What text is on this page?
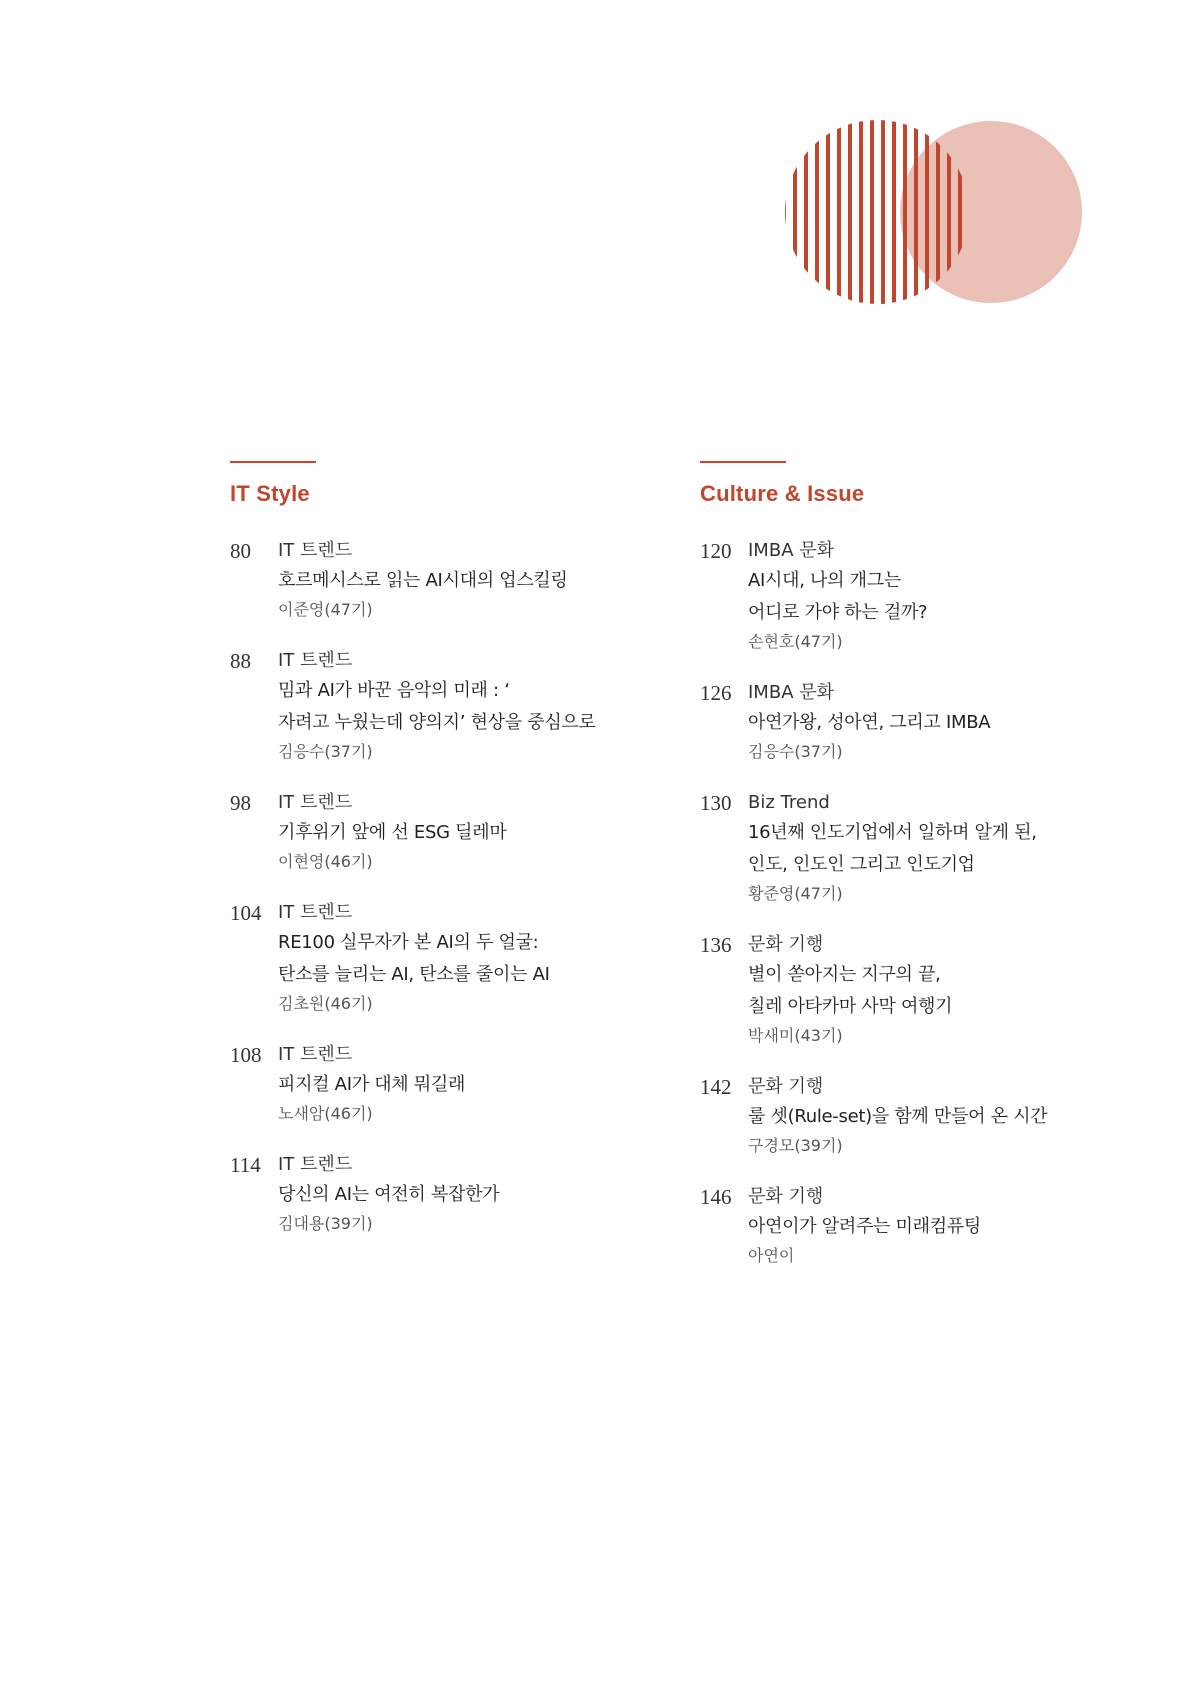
IT Style
80	IT 트렌드
호르메시스로 읽는 AI시대의 업스킬링
이준영(47기)
88	IT 트렌드
밈과 AI가 바꾼 음악의 미래 : ‘
자려고 누웠는데 양의지’ 현상을 중심으로
김응수(37기)
98	IT 트렌드
기후위기 앞에 선 ESG 딜레마
이현영(46기)
104 IT 트렌드
RE100 실무자가 본 AI의 두 얼굴:
탄소를 늘리는 AI, 탄소를 줄이는 AI
김초원(46기)
108 IT 트렌드
피지컬 AI가 대체 뭐길래
노새암(46기)
114 IT 트렌드
당신의 AI는 여전히 복잡한가
김대용(39기)
Culture & Issue
120 IMBA 문화
AI시대, 나의 개그는
어디로 가야 하는 걸까?
손현호(47기)
126 IMBA 문화
아연가왕, 성아연, 그리고 IMBA
김응수(37기)
130 Biz Trend
16년째 인도기업에서 일하며 알게 된,
인도, 인도인 그리고 인도기업
황준영(47기)
136 문화 기행
별이 쏟아지는 지구의 끝,
칠레 아타카마 사막 여행기
박새미(43기)
142 문화 기행
룰 셋(Rule-set)을 함께 만들어 온 시간
구경모(39기)
146 문화 기행
아연이가 알려주는 미래컴퓨팅
아연이
